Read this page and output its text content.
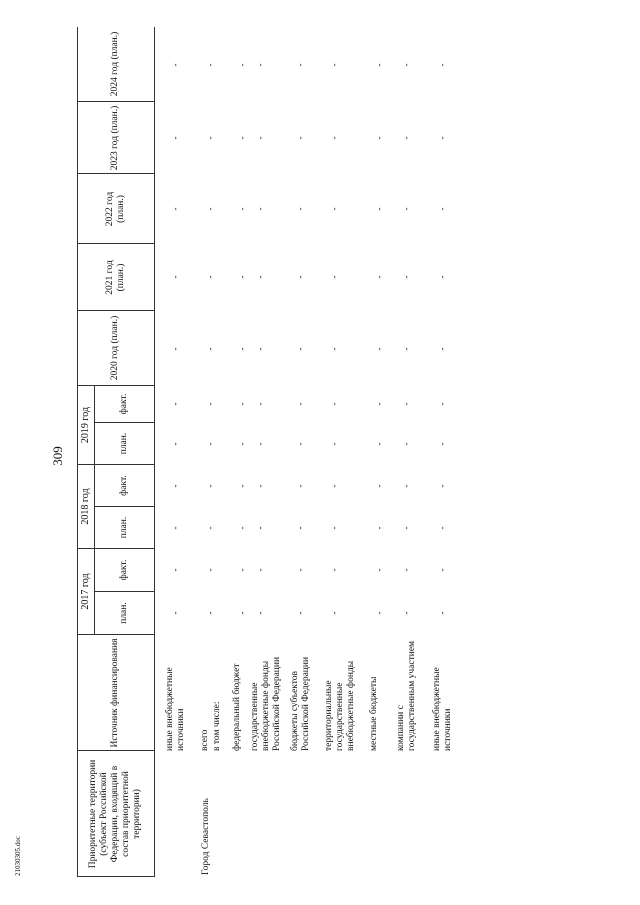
309
21030305.doc	Приоритетные территории (субъект Российской Федерации, входящий в состав приоритетной территории)
Источник финансирования
2017 год
2018 год
2019 год
план.
факт.
план.
факт.
план.
факт.
2020 год (план.)
2021 год (план.)
2022 год (план.)
2023 год (план.)
2024 год (план.)
Город Севастополь
иные внебюджетные источники
-
-
-
-
-
-
-
-
-
-
-
всего
-
-
-
-
-
-
-
-
-
-
-
в том числе: федеральный бюджет
-
-
-
-
-
-
-
-
-
-
-
государственные внебюджетные фонды Российской Федерации
-
-
-
-
-
-
-
-
-
-
-
бюджеты субъектов Российской Федерации
-
-
-
-
-
-
-
-
-
-
-
территориальные государственные внебюджетные фонды
-
-
-
-
-
-
-
-
-
-
-
местные бюджеты
-
-
-
-
-
-
-
-
-
-
-
компании с государственным участием
-
-
-
-
-
-
-
-
-
-
-
иные внебюджетные источники
-
-
-
-
-
-
-
-
-
-
-
